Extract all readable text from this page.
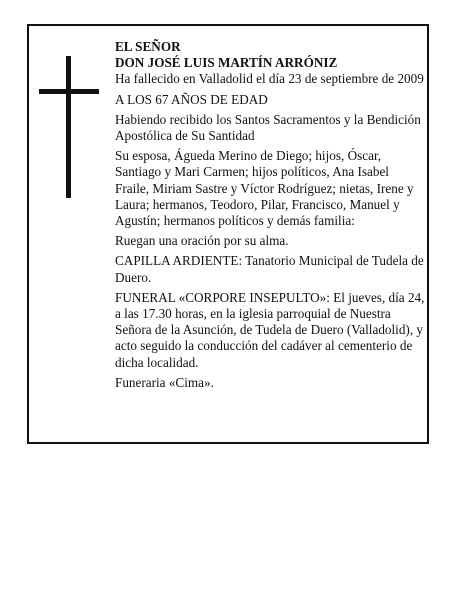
EL SEÑOR

DON JOSÉ LUIS MARTÍN ARRÓNIZ

Ha fallecido en Valladolid el día 23 de septiembre de 2009

A LOS 67 AÑOS DE EDAD

Habiendo recibido los Santos Sacramentos y la Bendición Apostólica de Su Santidad

Su esposa, Águeda Merino de Diego; hijos, Óscar, Santiago y Mari Carmen; hijos políticos, Ana Isabel Fraile, Miriam Sastre y Víctor Rodríguez; nietas, Irene y Laura; hermanos, Teodoro, Pilar, Francisco, Manuel y Agustín; hermanos políticos y demás familia:

Ruegan una oración por su alma.

CAPILLA ARDIENTE: Tanatorio Municipal de Tudela de Duero.

FUNERAL «CORPORE INSEPULTO»: El jueves, día 24, a las 17.30 horas, en la iglesia parroquial de Nuestra Señora de la Asunción, de Tudela de Duero (Valladolid), y acto seguido la conducción del cadáver al cementerio de dicha localidad.

Funeraria «Cima».
